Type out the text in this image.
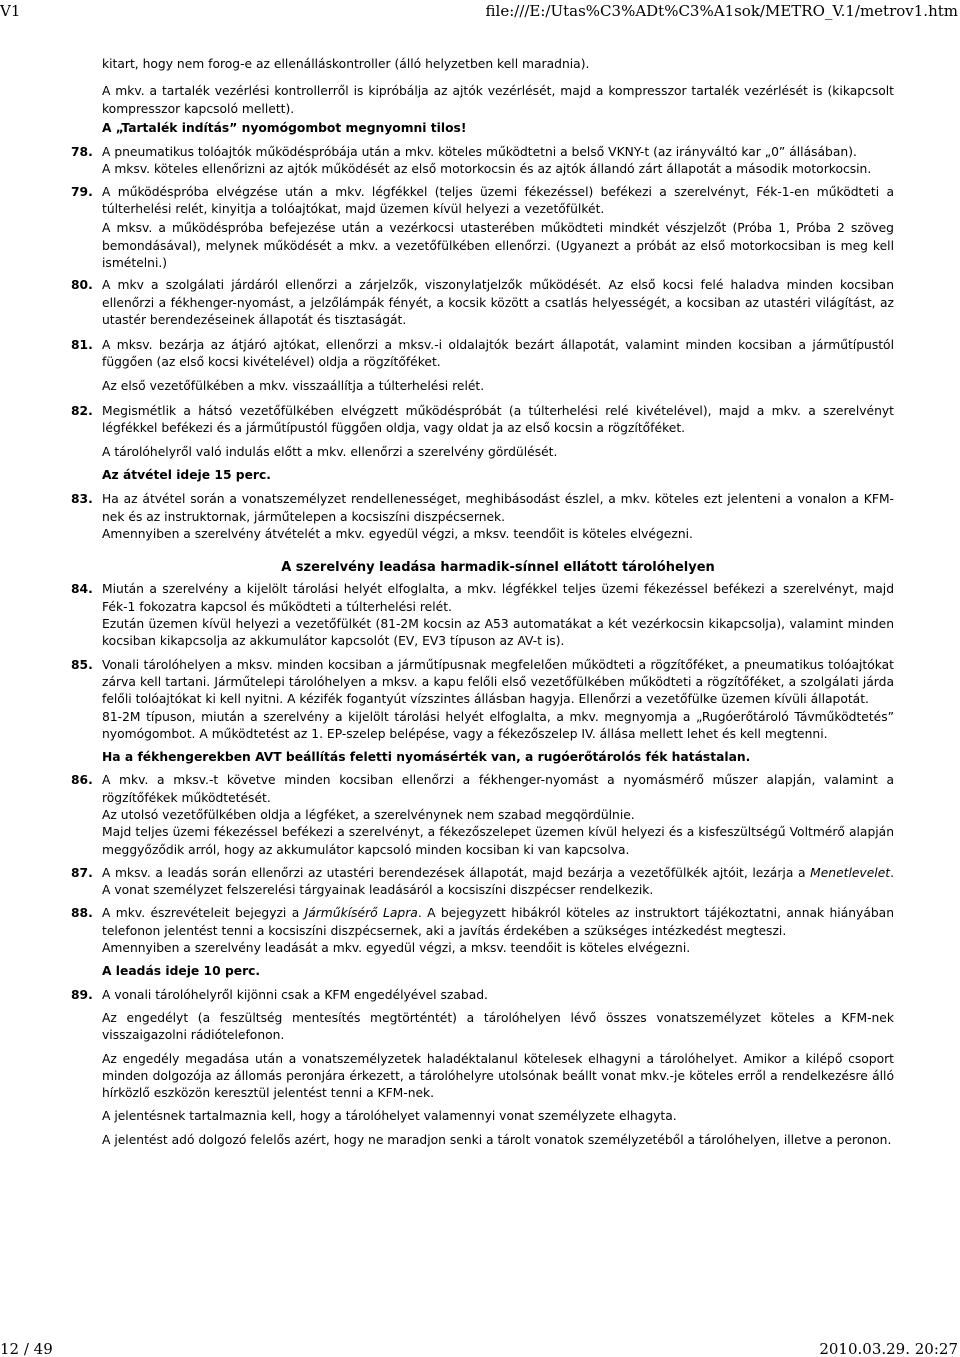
V1	file:///E:/Utas%C3%ADt%C3%A1sok/METRO_V.1/metrov1.htm
kitart, hogy nem forog-e az ellenálláskontroller (álló helyzetben kell maradnia).
A mkv. a tartalék vezérlési kontrollerről is kipróbálja az ajtók vezérlését, majd a kompresszor tartalék vezérlését is (kikapcsolt kompresszor kapcsoló mellett).
A „Tartalék indítás” nyomógombot megnyomni tilos!
78. A pneumatikus tolóajtók működéspróbája után a mkv. köteles működtetni a belső VKNY-t (az irányváltó kar „0” állásában).
A mksv. köteles ellenőrizni az ajtók működését az első motorkocsin és az ajtók állandó zárt állapotát a második motorkocsin.
79. A működéspróba elvégzése után a mkv. légfékkel (teljes üzemi fékezéssel) befékezi a szerelvényt, Fék-1-en működteti a túlterhelési relét, kinyitja a tolóajtókat, majd üzemen kívül helyezi a vezetőfülkét.
A mksv. a működéspróba befejezése után a vezérkocsi utasterében működteti mindkét vészjelzőt (Próba 1, Próba 2 szöveg bemondásával), melynek működését a mkv. a vezetőfülkében ellenőrzi. (Ugyanezt a próbát az első motorkocsiban is meg kell ismételni.)
80. A mkv a szolgálati járdáról ellenőrzi a zárjelzők, viszonylatjelzők működését. Az első kocsi felé haladva minden kocsiban ellenőrzi a fékhenger-nyomást, a jelzőlámpák fényét, a kocsik között a csatlás helyességét, a kocsiban az utastéri világítást, az utastér berendezéseinek állapotát és tisztaságát.
81. A mksv. bezárja az átjáró ajtókat, ellenőrzi a mksv.-i oldalajtók bezárt állapotát, valamint minden kocsiban a járműtípustól függően (az első kocsi kivételével) oldja a rögzítőféket.
Az első vezetőfülkében a mkv. visszaállítja a túlterhelési relét.
82. Megismétlik a hátsó vezetőfülkében elvégzett működéspróbát (a túlterhelési relé kivételével), majd a mkv. a szerelvényt légfékkel befékezi és a járműtípustól függően oldja, vagy oldat ja az első kocsin a rögzítőféket.
A tárolóhelyről való indulás előtt a mkv. ellenőrzi a szerelvény gördülését.
Az átvétel ideje 15 perc.
83. Ha az átvétel során a vonatszemélyzet rendellenességet, meghibásodást észlel, a mkv. köteles ezt jelenteni a vonalon a KFM-nek és az instruktornak, járműtelepen a kocsiszíni diszpécsernek.
Amennyiben a szerelvény átvételét a mkv. egyedül végzi, a mksv. teendőit is köteles elvégezni.
A szerelvény leadása harmadik-sínnel ellátott tárolóhelyen
84. Miután a szerelvény a kijelölt tárolási helyét elfoglalta, a mkv. légfékkel teljes üzemi fékezéssel befékezi a szerelvényt, majd Fék-1 fokozatra kapcsol és működteti a túlterhelési relét.
Ezután üzemen kívül helyezi a vezetőfülkét (81-2M kocsin az A53 automatákat a két vezérkocsin kikapcsolja), valamint minden kocsiban kikapcsolja az akkumulátor kapcsolót (EV, EV3 típuson az AV-t is).
85. Vonali tárolóhelyen a mksv. minden kocsiban a járműtípusnak megfelelően működteti a rögzítőféket, a pneumatikus tolóajtókat zárva kell tartani. Járműtelepi tárolóhelyen a mksv. a kapu felőli első vezetőfülkében működteti a rögzítőféket, a szolgálati járda felőli tolóajtókat ki kell nyitni. A kézifék fogantyút vízszintes állásban hagyja. Ellenőrzi a vezetőfülke üzemen kívüli állapotát.
81-2M típuson, miután a szerelvény a kijelölt tárolási helyét elfoglalta, a mkv. megnyomja a „Rugóerőtároló Távműködtetés” nyomógombot. A működtetést az 1. EP-szelep belépése, vagy a fékezőszelep IV. állása mellett lehet és kell megtenni.
Ha a fékhengerekben AVT beállítás feletti nyomásérték van, a rugóerőtárolós fék hatástalan.
86. A mkv. a mksv.-t követve minden kocsiban ellenőrzi a fékhenger-nyomást a nyomásmérő műszer alapján, valamint a rögzítőfékek működtetését.
Az utolsó vezetőfülkében oldja a légféket, a szerelvénynek nem szabad megqördülnie.
Majd teljes üzemi fékezéssel befékezi a szerelvényt, a fékezőszelepet üzemen kívül helyezi és a kisfeszültségű Voltmérő alapján meggyőződik arról, hogy az akkumulátor kapcsoló minden kocsiban ki van kapcsolva.
87. A mksv. a leadás során ellenőrzi az utastéri berendezések állapotát, majd bezárja a vezetőfülkék ajtóit, lezárja a Menetlevelet. A vonat személyzet felszerelési tárgyainak leadásáról a kocsiszíni diszpécser rendelkezik.
88. A mkv. észrevételeit bejegyzi a Járműkísérő Lapra. A bejegyzett hibákról köteles az instruktort tájékoztatni, annak hiányában telefonon jelentést tenni a kocsiszíni diszpécsernek, aki a javítás érdekében a szükséges intézkedést megteszi.
Amennyiben a szerelvény leadását a mkv. egyedül végzi, a mksv. teendőit is köteles elvégezni.
A leadás ideje 10 perc.
89. A vonali tárolóhelyről kijönni csak a KFM engedélyével szabad.
Az engedélyt (a feszültség mentesítés megtörténtét) a tárolóhelyen lévő összes vonatszemélyzet köteles a KFM-nek visszaigazolni rádiótelefonon.
Az engedély megadása után a vonatszemélyzetek haladéktalanul kötelesek elhagyni a tárolóhelyet. Amikor a kilépő csoport minden dolgozója az állomás peronjára érkezett, a tárolóhelyre utolsónak beállt vonat mkv.-je köteles erről a rendelkezésre álló hírközlő eszközön keresztül jelentést tenni a KFM-nek.
A jelentésnek tartalmaznia kell, hogy a tárolóhelyet valamennyi vonat személyzete elhagyta.
A jelentést adó dolgozó felelős azért, hogy ne maradjon senki a tárolt vonatok személyzetéből a tárolóhelyen, illetve a peronon.
12 / 49	2010.03.29. 20:27
